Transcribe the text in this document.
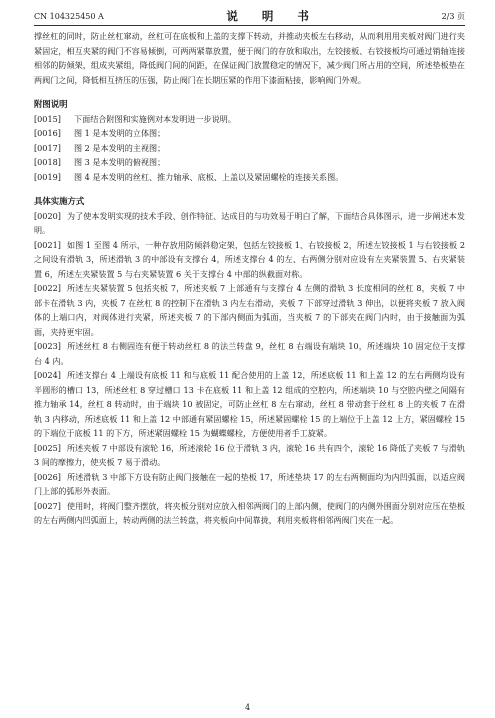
CN 104325450 A	说 明 书	2/3 页

撑丝杠的同时，防止丝杠窜动，丝杠可在底板和上盖的支撑下转动，并推动夹板左右移动，从而利用用夹板对阀门进行夹紧固定，相互夹紧的阀门不容易倾倒，可两两紧靠放置，便于阀门的存放和取出，左铰接板、右铰接板均可通过销轴连接相邻的防倾架，组成夹紧组，降低阀门间的间距，在保证阀门放置稳定的情况下，减少阀门所占用的空间，所述垫板垫在两阀门之间，降低相互挤压的压强，防止阀门在长期压紧的作用下漆面粘接，影响阀门外观。

附图说明
[0015]	下面结合附图和实施例对本发明进一步说明。
[0016]	图 1 是本发明的立体图；
[0017]	图 2 是本发明的主视图；
[0018]	图 3 是本发明的俯视图；
[0019]	图 4 是本发明的丝杠、推力轴承、底板、上盖以及紧固螺栓的连接关系图。
具体实施方式

[0020] 为了使本发明实现的技术手段、创作特征、达成目的与功效易于明白了解，下面结合具体图示，进一步阐述本发明。

[0021] 如图 1 至图 4 所示，一种存放用防倾斜稳定架，包括左铰接板 1、右铰接板 2，所述左铰接板 1 与右铰接板 2 之间设有滑轨 3，所述滑轨 3 的中部设有支撑台 4，所述支撑台 4 的左、右两侧分别对应设有左夹紧装置 5、右夹紧装置 6，所述左夹紧装置 5 与右夹紧装置 6 关于支撑台 4 中部的纵截面对称。

[0022] 所述左夹紧装置 5 包括夹板 7，所述夹板 7 上部通有与支撑台 4 左侧的滑轨 3 长度相同的丝杠 8，夹板 7 中部卡在滑轨 3 内，夹板 7 在丝杠 8 的控制下在滑轨 3 内左右滑动，夹板 7 下部穿过滑轨 3 伸出，以便将夹板 7 放入阀体的上端口内，对阀体进行夹紧，所述夹板 7 的下部内侧面为弧面，当夹板 7 的下部夹在阀门内时，由于接触面为弧面，夹持更牢固。

[0023] 所述丝杠 8 右侧固连有便于转动丝杠 8 的法兰转盘 9，丝杠 8 右端设有端块 10，所述端块 10 固定位于支撑台 4 内。

[0024] 所述支撑台 4 上端设有底板 11 和与底板 11 配合使用的上盖 12，所述底板 11 和上盖 12 的左右两侧均设有半圆形的槽口 13，所述丝杠 8 穿过槽口 13 卡在底板 11 和上盖 12 组成的空腔内，所述端块 10 与空腔内壁之间隔有推力轴承 14，丝杠 8 转动时，由于端块 10 被固定，可防止丝杠 8 左右窜动，丝杠 8 带动套于丝杠 8 上的夹板 7 在滑轨 3 内移动，所述底板 11 和上盖 12 中部通有紧固螺栓 15，所述紧固螺栓 15 的上端位于上盖 12 上方，紧固螺栓 15 的下端位于底板 11 的下方，所述紧固螺栓 15 为蝴蝶螺栓，方便使用者手工旋紧。

[0025] 所述夹板 7 中部设有滚轮 16，所述滚轮 16 位于滑轨 3 内，滚轮 16 共有四个，滚轮 16 降低了夹板 7 与滑轨 3 间的摩擦力，使夹板 7 易于滑动。

[0026] 所述滑轨 3 中部下方设有防止阀门接触在一起的垫板 17，所述垫块 17 的左右两侧面均为内凹弧面，以适应阀门上部的弧形外表面。

[0027] 使用时，将阀门整齐摆放，将夹板分别对应放入相邻两阀门的上部内侧，使阀门的内侧外围面分别对应压在垫板的左右两侧内凹弧面上，转动两侧的法兰转盘，将夹板向中间靠拢，利用夹板将相邻两阀门夹在一起。

4
